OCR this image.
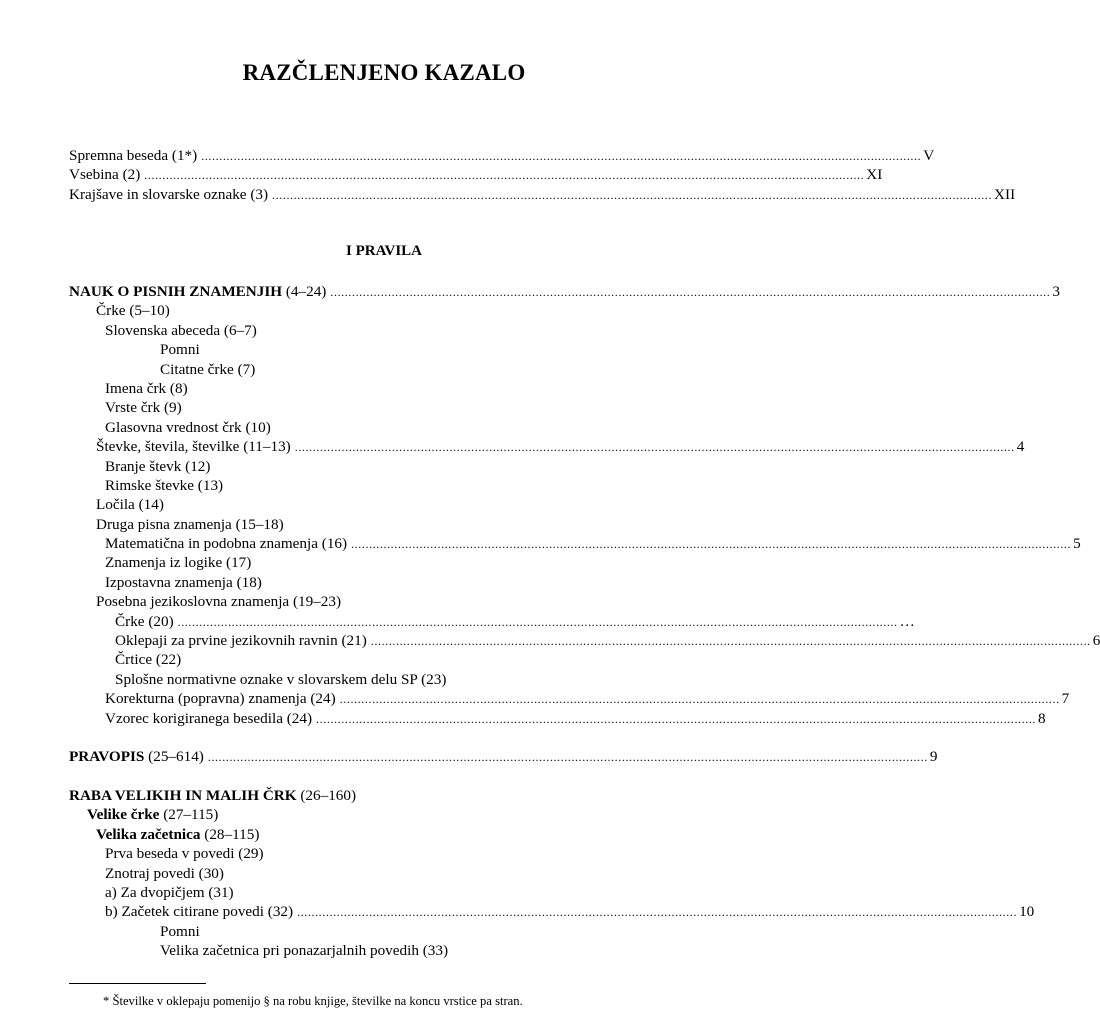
RAZČLENJENO KAZALO
Spremna beseda (1*) ........................................................................................................................................................................................................ V
Vsebina (2) ........................................................................................................................................................................................................ XI
Krajšave in slovarske oznake (3) ........................................................................................................................................................................................................ XII
I PRAVILA
NAUK O PISNIH ZNAMENJIH (4–24) ........................................................................................................................................................................................................ 3
Črke (5–10)
Slovenska abeceda (6–7)
Pomni
Citatne črke (7)
Imena črk (8)
Vrste črk (9)
Glasovna vrednost črk (10)
Števke, števila, številke (11–13) ........................................................................................................................................................................................................ 4
Branje števk (12)
Rimske števke (13)
Ločila (14)
Druga pisna znamenja (15–18)
Matematična in podobna znamenja (16) ........................................................................................................................................................................................................ 5
Znamenja iz logike (17)
Izpostavna znamenja (18)
Posebna jezikoslovna znamenja (19–23)
Črke (20) ........................................................................................................................................................................................................ …
Oklepaji za prvine jezikovnih ravnin (21) ........................................................................................................................................................................................................ 6
Črtice (22)
Splošne normativne oznake v slovarskem delu SP (23)
Korekturna (popravna) znamenja (24) ........................................................................................................................................................................................................ 7
Vzorec korigiranega besedila (24) ........................................................................................................................................................................................................ 8
PRAVOPIS (25–614) ........................................................................................................................................................................................................ 9
RABA VELIKIH IN MALIH ČRK (26–160)
Velike črke (27–115)
Velika začetnica (28–115)
Prva beseda v povedi (29)
Znotraj povedi (30)
a) Za dvopičjem (31)
b) Začetek citirane povedi (32) ........................................................................................................................................................................................................ 10
Pomni
Velika začetnica pri ponazarjalnih povedih (33)
* Številke v oklepaju pomenijo § na robu knjige, številke na koncu vrstice pa stran.
